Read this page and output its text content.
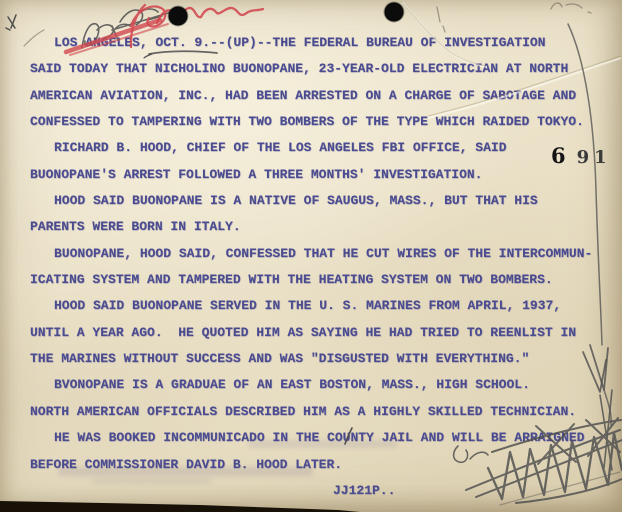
LOS ANGELES, OCT. 9.--(UP)--THE FEDERAL BUREAU OF INVESTIGATION
SAID TODAY THAT NICHOLINO BUONOPANE, 23-YEAR-OLD ELECTRICIAN AT NORTH
AMERICAN AVIATION, INC., HAD BEEN ARRESTED ON A CHARGE OF SABOTAGE AND
CONFESSED TO TAMPERING WITH TWO BOMBERS OF THE TYPE WHICH RAIDED TOKYO.
RICHARD B. HOOD, CHIEF OF THE LOS ANGELES FBI OFFICE, SAID
BUONOPANE'S ARREST FOLLOWED A THREE MONTHS' INVESTIGATION.
HOOD SAID BUONOPANE IS A NATIVE OF SAUGUS, MASS., BUT THAT HIS
PARENTS WERE BORN IN ITALY.
BUONOPANE, HOOD SAID, CONFESSED THAT HE CUT WIRES OF THE INTERCOMMUN-
ICATING SYSTEM AND TAMPERED WITH THE HEATING SYSTEM ON TWO BOMBERS.
HOOD SAID BUONOPANE SERVED IN THE U. S. MARINES FROM APRIL, 1937,
UNTIL A YEAR AGO.  HE QUOTED HIM AS SAYING HE HAD TRIED TO REENLIST IN
THE MARINES WITHOUT SUCCESS AND WAS "DISGUSTED WITH EVERYTHING."
BVONOPANE IS A GRADUAE OF AN EAST BOSTON, MASS., HIGH SCHOOL.
NORTH AMERICAN OFFICIALS DESCRIBED HIM AS A HIGHLY SKILLED TECHNICIAN.
HE WAS BOOKED INCOMMUNICADO IN THE COUNTY JAIL AND WILL BE ARRAIGNED
BEFORE COMMISSIONER DAVID B. HOOD LATER.
JJ121P..
6 91
